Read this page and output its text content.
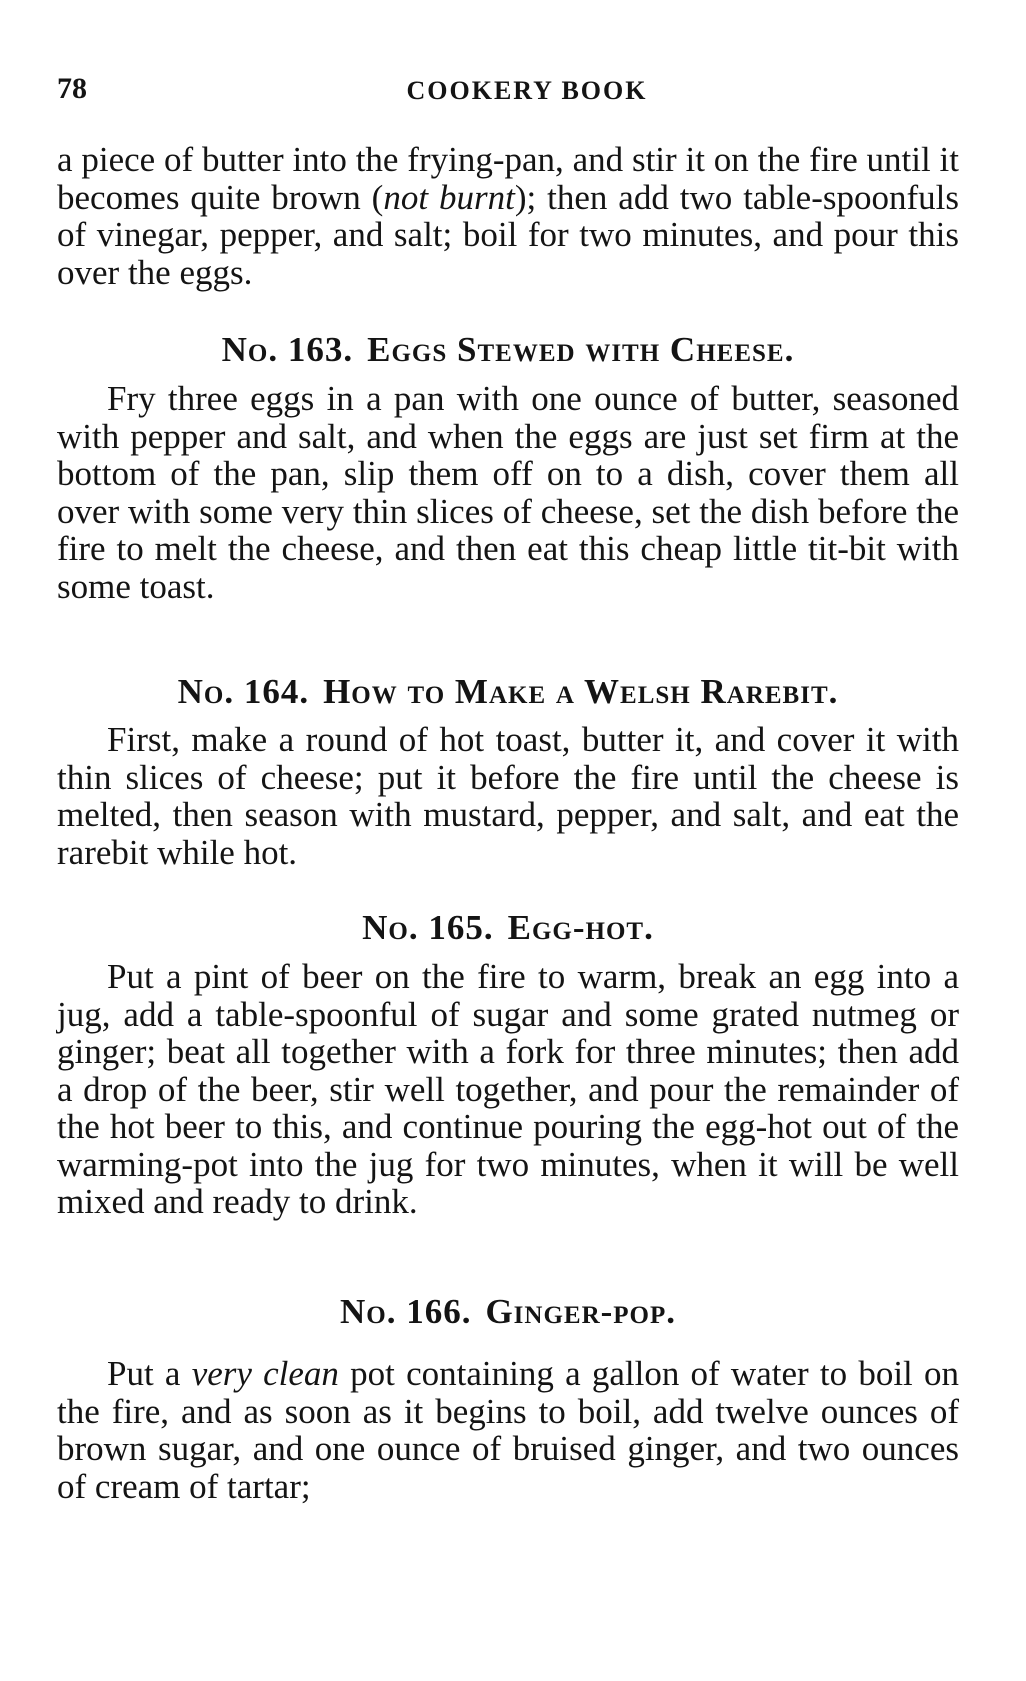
78	COOKERY BOOK

a piece of butter into the frying-pan, and stir it on the fire until it becomes quite brown (not burnt); then add two table-spoonfuls of vinegar, pepper, and salt; boil for two minutes, and pour this over the eggs.

No. 163. Eggs Stewed with Cheese.

Fry three eggs in a pan with one ounce of butter, seasoned with pepper and salt, and when the eggs are just set firm at the bottom of the pan, slip them off on to a dish, cover them all over with some very thin slices of cheese, set the dish before the fire to melt the cheese, and then eat this cheap little tit-bit with some toast.

No. 164. How to Make a Welsh Rarebit.

First, make a round of hot toast, butter it, and cover it with thin slices of cheese; put it before the fire until the cheese is melted, then season with mustard, pepper, and salt, and eat the rarebit while hot.

No. 165. Egg-hot.

Put a pint of beer on the fire to warm, break an egg into a jug, add a table-spoonful of sugar and some grated nutmeg or ginger; beat all together with a fork for three minutes; then add a drop of the beer, stir well together, and pour the remainder of the hot beer to this, and continue pouring the egg-hot out of the warming-pot into the jug for two minutes, when it will be well mixed and ready to drink.

No. 166. Ginger-pop.

Put a very clean pot containing a gallon of water to boil on the fire, and as soon as it begins to boil, add twelve ounces of brown sugar, and one ounce of bruised ginger, and two ounces of cream of tartar;
